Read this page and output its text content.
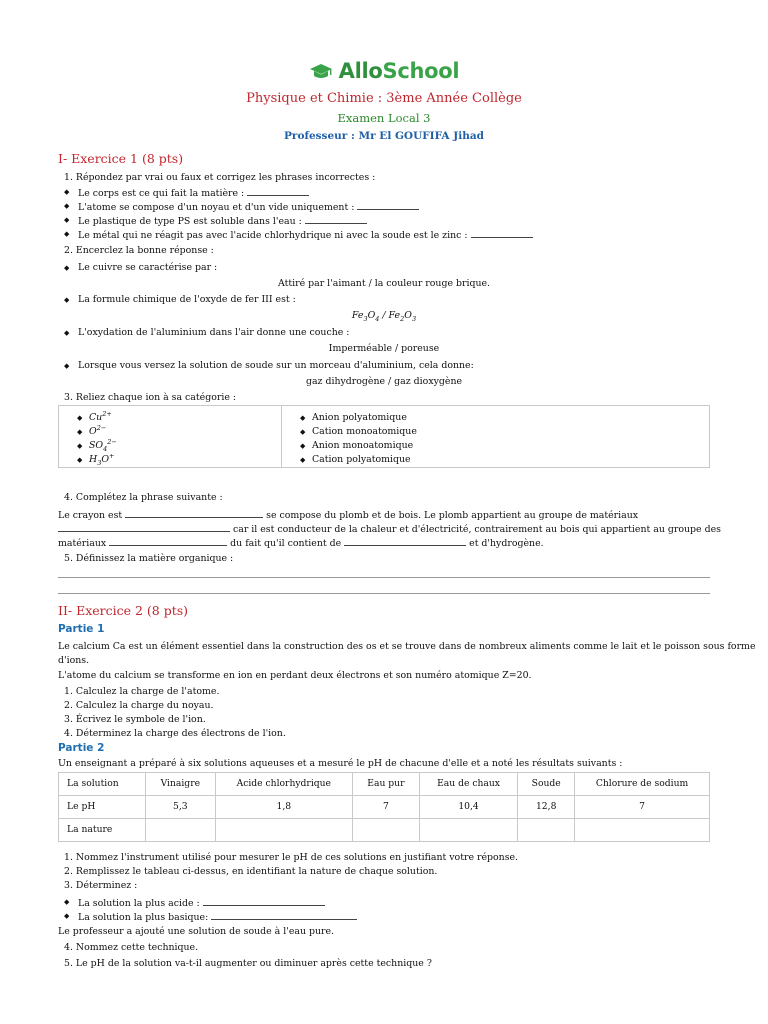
AlloSchool
Physique et Chimie : 3ème Année Collège
Examen Local 3
Professeur : Mr El GOUFIFA Jihad
I- Exercice 1 (8 pts)
1. Répondez par vrai ou faux et corrigez les phrases incorrectes :
◆ Le corps est ce qui fait la matière :
◆ L'atome se compose d'un noyau et d'un vide uniquement :
◆ Le plastique de type PS est soluble dans l'eau :
◆ Le métal qui ne réagit pas avec l'acide chlorhydrique ni avec la soude est le zinc :
2. Encerclez la bonne réponse :
◆ Le cuivre se caractérise par :
Attiré par l'aimant / la couleur rouge brique.
◆ La formule chimique de l'oxyde de fer III est :
$Fe_3O_4 / Fe_2O_3$
◆ L'oxydation de l'aluminium dans l'air donne une couche :
Imperméable / poreuse
◆ Lorsque vous versez la solution de soude sur un morceau d'aluminium, cela donne:
gaz dihydrogène / gaz dioxygène
3. Reliez chaque ion à sa catégorie :
◆ $Cu^{2+}$
◆ $O^{2-}$
◆ $SO_4^{2-}$
◆ $H_3O^+$

◆ Anion polyatomique
◆ Cation monoatomique
◆ Anion monoatomique
◆ Cation polyatomique
4. Complétez la phrase suivante :
Le crayon est	se compose du plomb et de bois. Le plomb appartient au groupe de matériaux
car il est conducteur de la chaleur et d'électricité, contrairement au bois qui appartient au groupe des
matériaux	du fait qu'il contient de	et d'hydrogène.
5. Définissez la matière organique :
II- Exercice 2 (8 pts)
Partie 1
Le calcium Ca est un élément essentiel dans la construction des os et se trouve dans de nombreux aliments comme le lait et le poisson sous forme
d'ions.
L'atome du calcium se transforme en ion en perdant deux électrons et son numéro atomique Z=20.
1. Calculez la charge de l'atome.
2. Calculez la charge du noyau.
3. Écrivez le symbole de l'ion.
4. Déterminez la charge des électrons de l'ion.
Partie 2
Un enseignant a préparé à six solutions aqueuses et a mesuré le pH de chacune d'elle et a noté les résultats suivants :
La solution	Vinaigre	Acide chlorhydrique	Eau pur	Eau de chaux	Soude	Chlorure de sodium
Le pH	5,3	1,8	7	10,4	12,8	7
La nature						
1. Nommez l'instrument utilisé pour mesurer le pH de ces solutions en justifiant votre réponse.
2. Remplissez le tableau ci-dessus, en identifiant la nature de chaque solution.
3. Déterminez :
◆ La solution la plus acide :
◆ La solution la plus basique:
Le professeur a ajouté une solution de soude à l'eau pure.
4. Nommez cette technique.
5. Le pH de la solution va-t-il augmenter ou diminuer après cette technique ?
